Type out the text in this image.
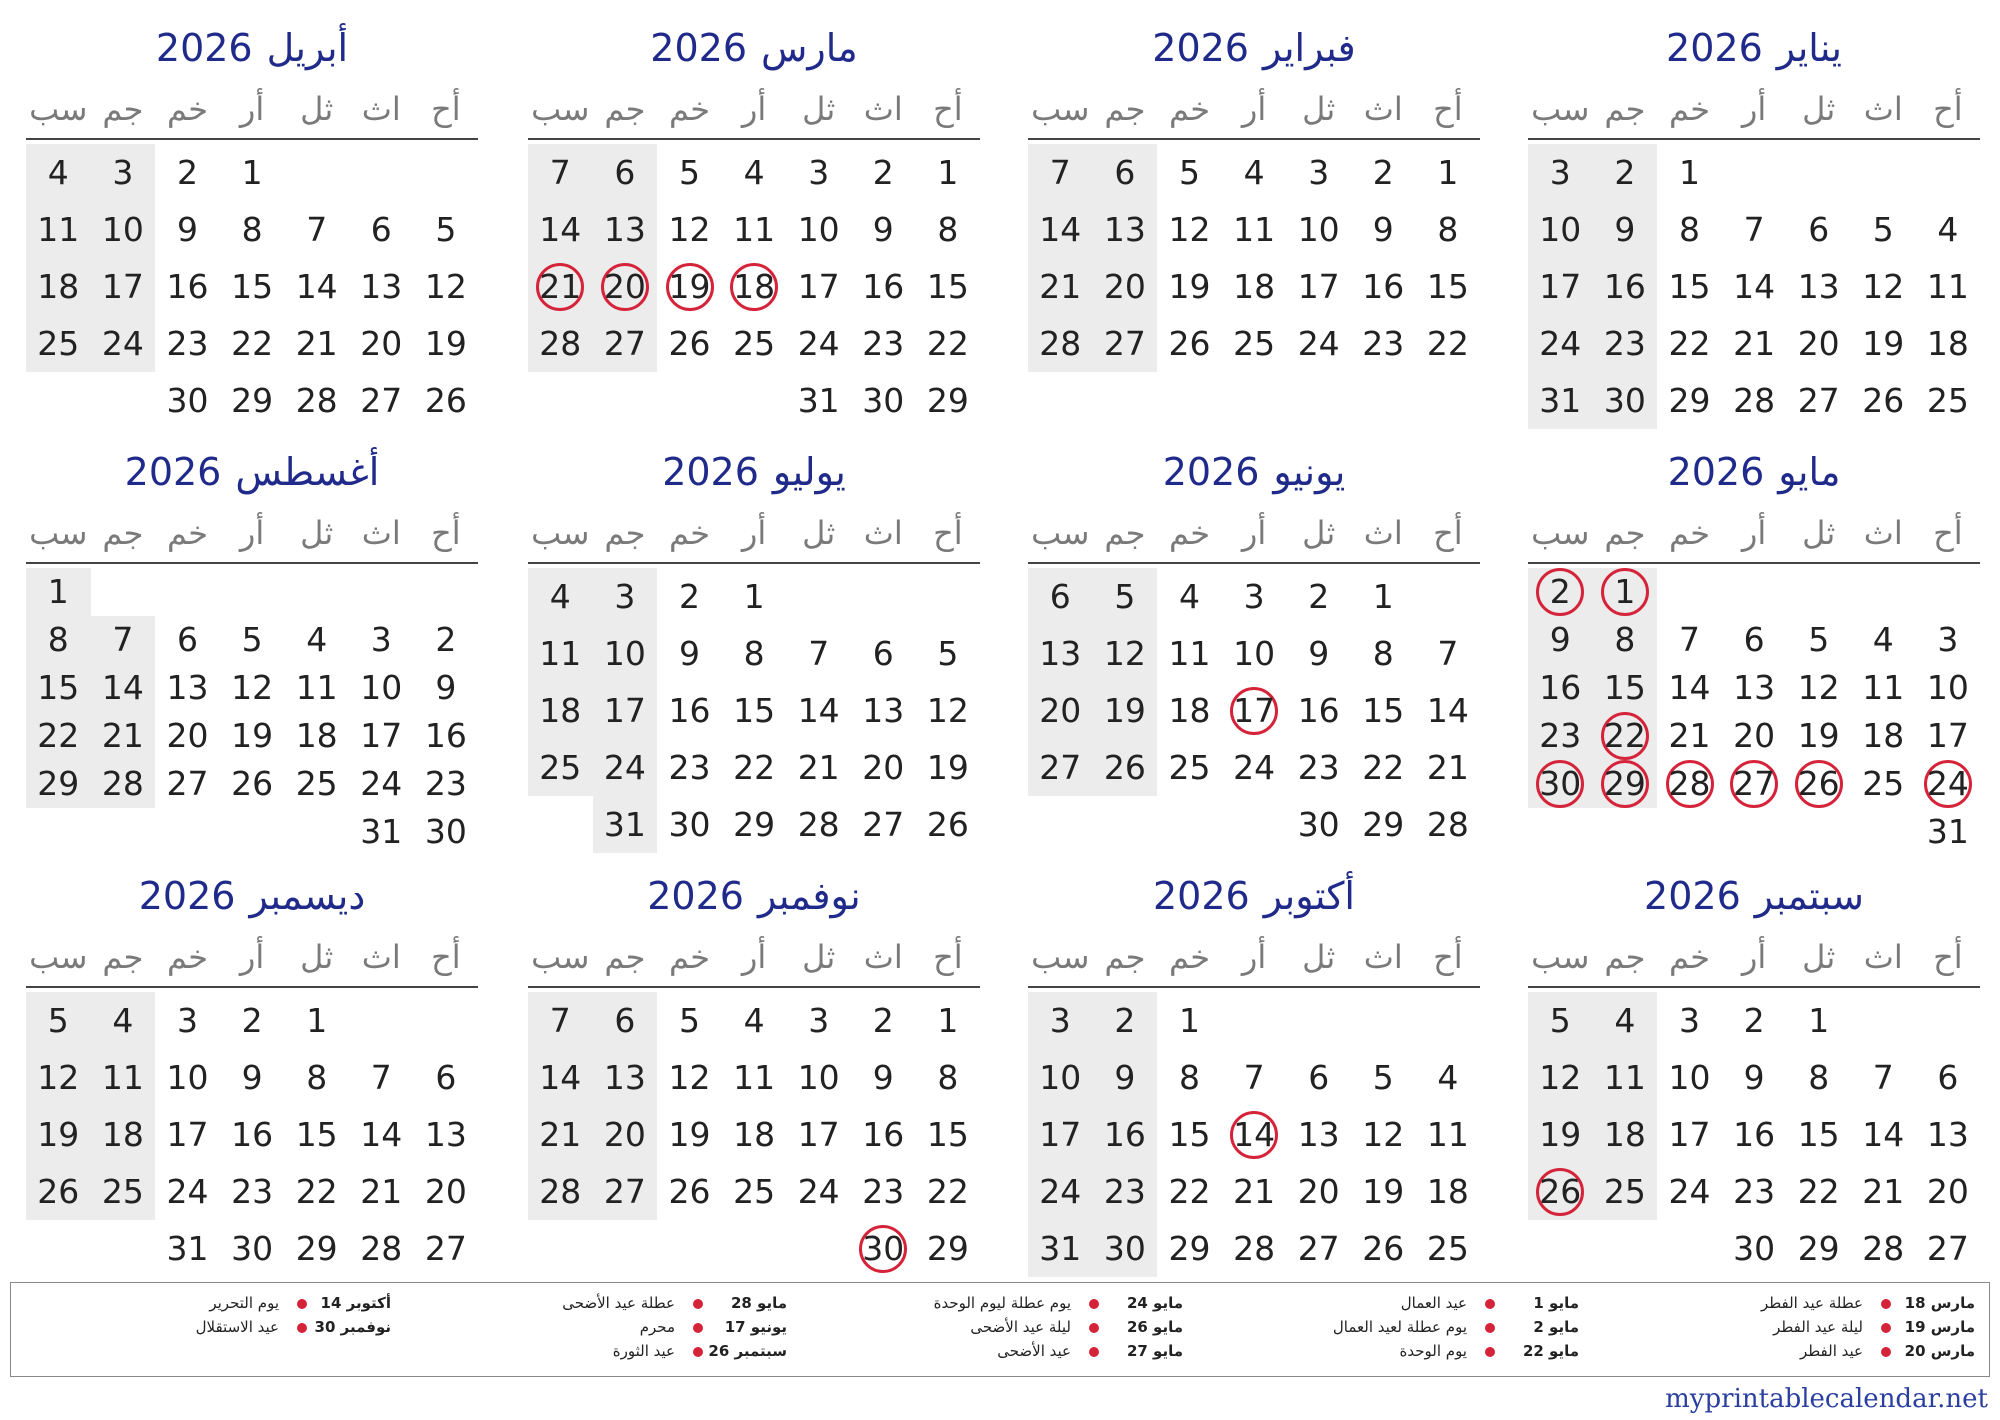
2026 يناير
أح
اث
ثل
أر
خم
جم
سب
1
2
3
4
5
6
7
8
9
10
11
12
13
14
15
16
17
18
19
20
21
22
23
24
25
26
27
28
29
30
31
2026 فبراير
أح
اث
ثل
أر
خم
جم
سب
1
2
3
4
5
6
7
8
9
10
11
12
13
14
15
16
17
18
19
20
21
22
23
24
25
26
27
28
2026 مارس
أح
اث
ثل
أر
خم
جم
سب
1
2
3
4
5
6
7
8
9
10
11
12
13
14
15
16
17
18
19
20
21
22
23
24
25
26
27
28
29
30
31
2026 أبريل
أح
اث
ثل
أر
خم
جم
سب
1
2
3
4
5
6
7
8
9
10
11
12
13
14
15
16
17
18
19
20
21
22
23
24
25
26
27
28
29
30
2026 مايو
أح
اث
ثل
أر
خم
جم
سب
1
2
3
4
5
6
7
8
9
10
11
12
13
14
15
16
17
18
19
20
21
22
23
24
25
26
27
28
29
30
31
2026 يونيو
أح
اث
ثل
أر
خم
جم
سب
1
2
3
4
5
6
7
8
9
10
11
12
13
14
15
16
17
18
19
20
21
22
23
24
25
26
27
28
29
30
2026 يوليو
أح
اث
ثل
أر
خم
جم
سب
1
2
3
4
5
6
7
8
9
10
11
12
13
14
15
16
17
18
19
20
21
22
23
24
25
26
27
28
29
30
31
2026 أغسطس
أح
اث
ثل
أر
خم
جم
سب
1
2
3
4
5
6
7
8
9
10
11
12
13
14
15
16
17
18
19
20
21
22
23
24
25
26
27
28
29
30
31
2026 سبتمبر
أح
اث
ثل
أر
خم
جم
سب
1
2
3
4
5
6
7
8
9
10
11
12
13
14
15
16
17
18
19
20
21
22
23
24
25
26
27
28
29
30
2026 أكتوبر
أح
اث
ثل
أر
خم
جم
سب
1
2
3
4
5
6
7
8
9
10
11
12
13
14
15
16
17
18
19
20
21
22
23
24
25
26
27
28
29
30
31
2026 نوفمبر
أح
اث
ثل
أر
خم
جم
سب
1
2
3
4
5
6
7
8
9
10
11
12
13
14
15
16
17
18
19
20
21
22
23
24
25
26
27
28
29
30
2026 ديسمبر
أح
اث
ثل
أر
خم
جم
سب
1
2
3
4
5
6
7
8
9
10
11
12
13
14
15
16
17
18
19
20
21
22
23
24
25
26
27
28
29
30
31
مارس 18عطلة عيد الفطر
مارس 19ليلة عيد الفطر
مارس 20عيد الفطر
مايو 1عيد العمال
مايو 2يوم عطلة لعيد العمال
مايو 22يوم الوحدة
مايو 24يوم عطلة ليوم الوحدة
مايو 26ليلة عيد الأضحى
مايو 27عيد الأضحى
مايو 28عطلة عيد الأضحى
يونيو 17محرم
سبتمبر 26عيد الثورة
أكتوبر 14يوم التحرير
نوفمبر 30عيد الاستقلال
myprintablecalendar.net
